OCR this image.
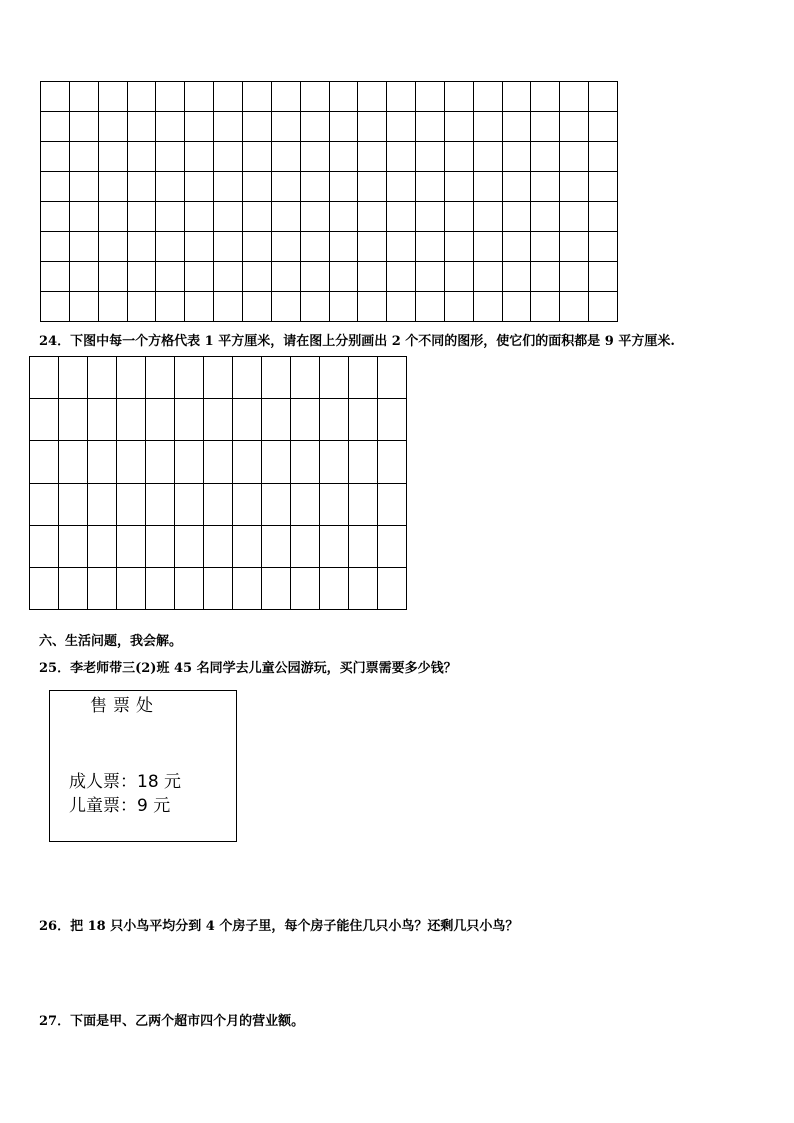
24．下图中每一个方格代表 1 平方厘米，请在图上分别画出 2 个不同的图形，使它们的面积都是 9 平方厘米.
六、生活问题，我会解。
25．李老师带三(2)班 45 名同学去儿童公园游玩，买门票需要多少钱？
售票处
成人票：18 元
儿童票：9 元
26．把 18 只小鸟平均分到 4 个房子里，每个房子能住几只小鸟？还剩几只小鸟？
27．下面是甲、乙两个超市四个月的营业额。
